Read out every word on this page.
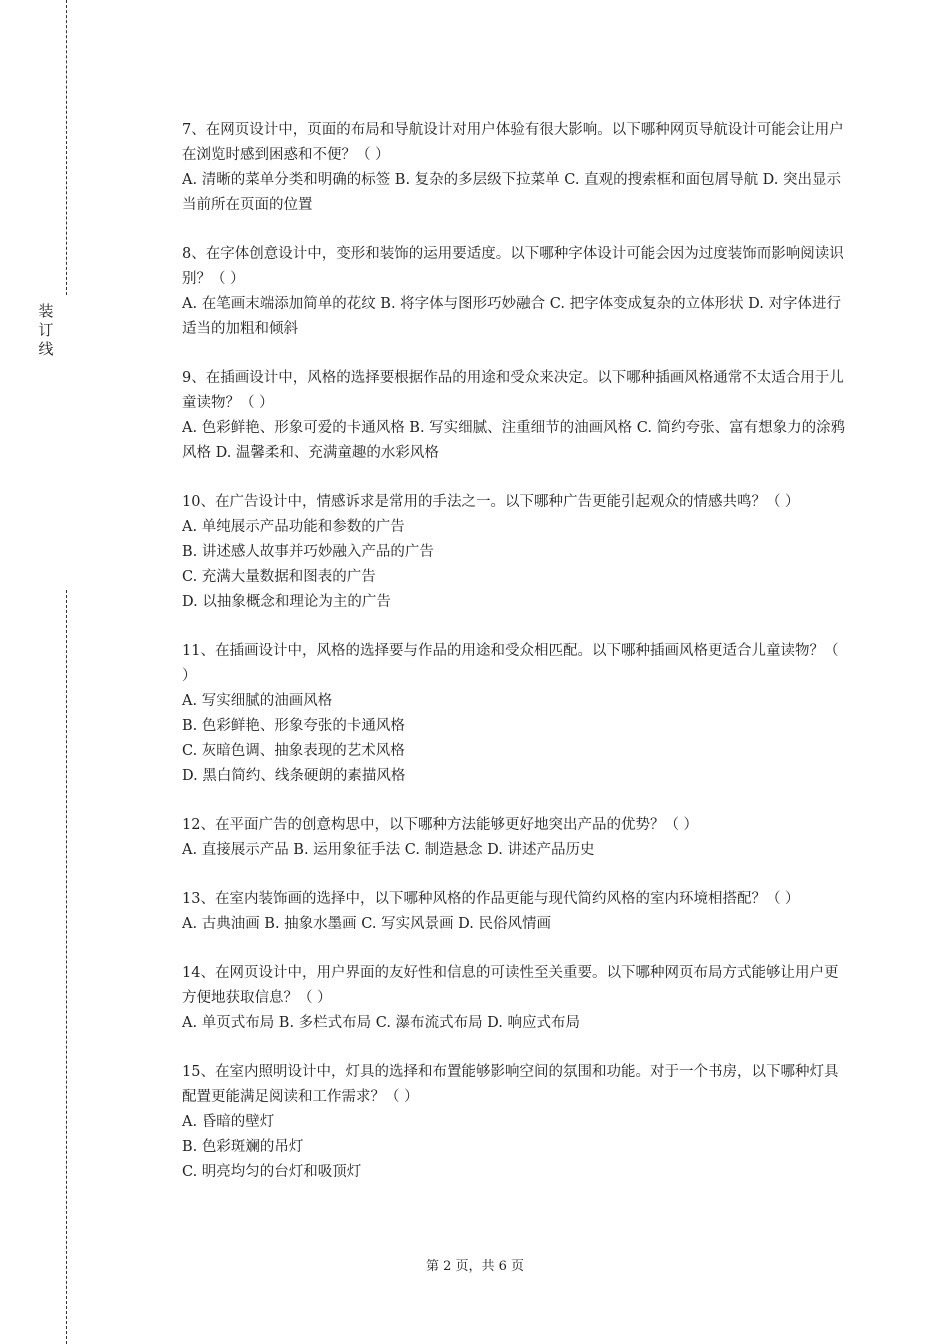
装
订
线

7、在网页设计中，页面的布局和导航设计对用户体验有很大影响。以下哪种网页导航设计可能会让用户在浏览时感到困惑和不便？（ ）

A. 清晰的菜单分类和明确的标签 B. 复杂的多层级下拉菜单 C. 直观的搜索框和面包屑导航 D. 突出显示当前所在页面的位置

8、在字体创意设计中，变形和装饰的运用要适度。以下哪种字体设计可能会因为过度装饰而影响阅读识别？（ ）

A. 在笔画末端添加简单的花纹 B. 将字体与图形巧妙融合 C. 把字体变成复杂的立体形状 D. 对字体进行适当的加粗和倾斜

9、在插画设计中，风格的选择要根据作品的用途和受众来决定。以下哪种插画风格通常不太适合用于儿童读物？（ ）

A. 色彩鲜艳、形象可爱的卡通风格 B. 写实细腻、注重细节的油画风格 C. 简约夸张、富有想象力的涂鸦风格 D. 温馨柔和、充满童趣的水彩风格

10、在广告设计中，情感诉求是常用的手法之一。以下哪种广告更能引起观众的情感共鸣？（ ）

A. 单纯展示产品功能和参数的广告

B. 讲述感人故事并巧妙融入产品的广告

C. 充满大量数据和图表的广告

D. 以抽象概念和理论为主的广告

11、在插画设计中，风格的选择要与作品的用途和受众相匹配。以下哪种插画风格更适合儿童读物？（ ）

A. 写实细腻的油画风格

B. 色彩鲜艳、形象夸张的卡通风格

C. 灰暗色调、抽象表现的艺术风格

D. 黑白简约、线条硬朗的素描风格

12、在平面广告的创意构思中，以下哪种方法能够更好地突出产品的优势？（ ）

A. 直接展示产品 B. 运用象征手法 C. 制造悬念 D. 讲述产品历史

13、在室内装饰画的选择中，以下哪种风格的作品更能与现代简约风格的室内环境相搭配？（ ）

A. 古典油画 B. 抽象水墨画 C. 写实风景画 D. 民俗风情画

14、在网页设计中，用户界面的友好性和信息的可读性至关重要。以下哪种网页布局方式能够让用户更方便地获取信息？（ ）

A. 单页式布局 B. 多栏式布局 C. 瀑布流式布局 D. 响应式布局

15、在室内照明设计中，灯具的选择和布置能够影响空间的氛围和功能。对于一个书房，以下哪种灯具配置更能满足阅读和工作需求？（ ）

A. 昏暗的壁灯

B. 色彩斑斓的吊灯

C. 明亮均匀的台灯和吸顶灯

第 2 页，共 6 页
